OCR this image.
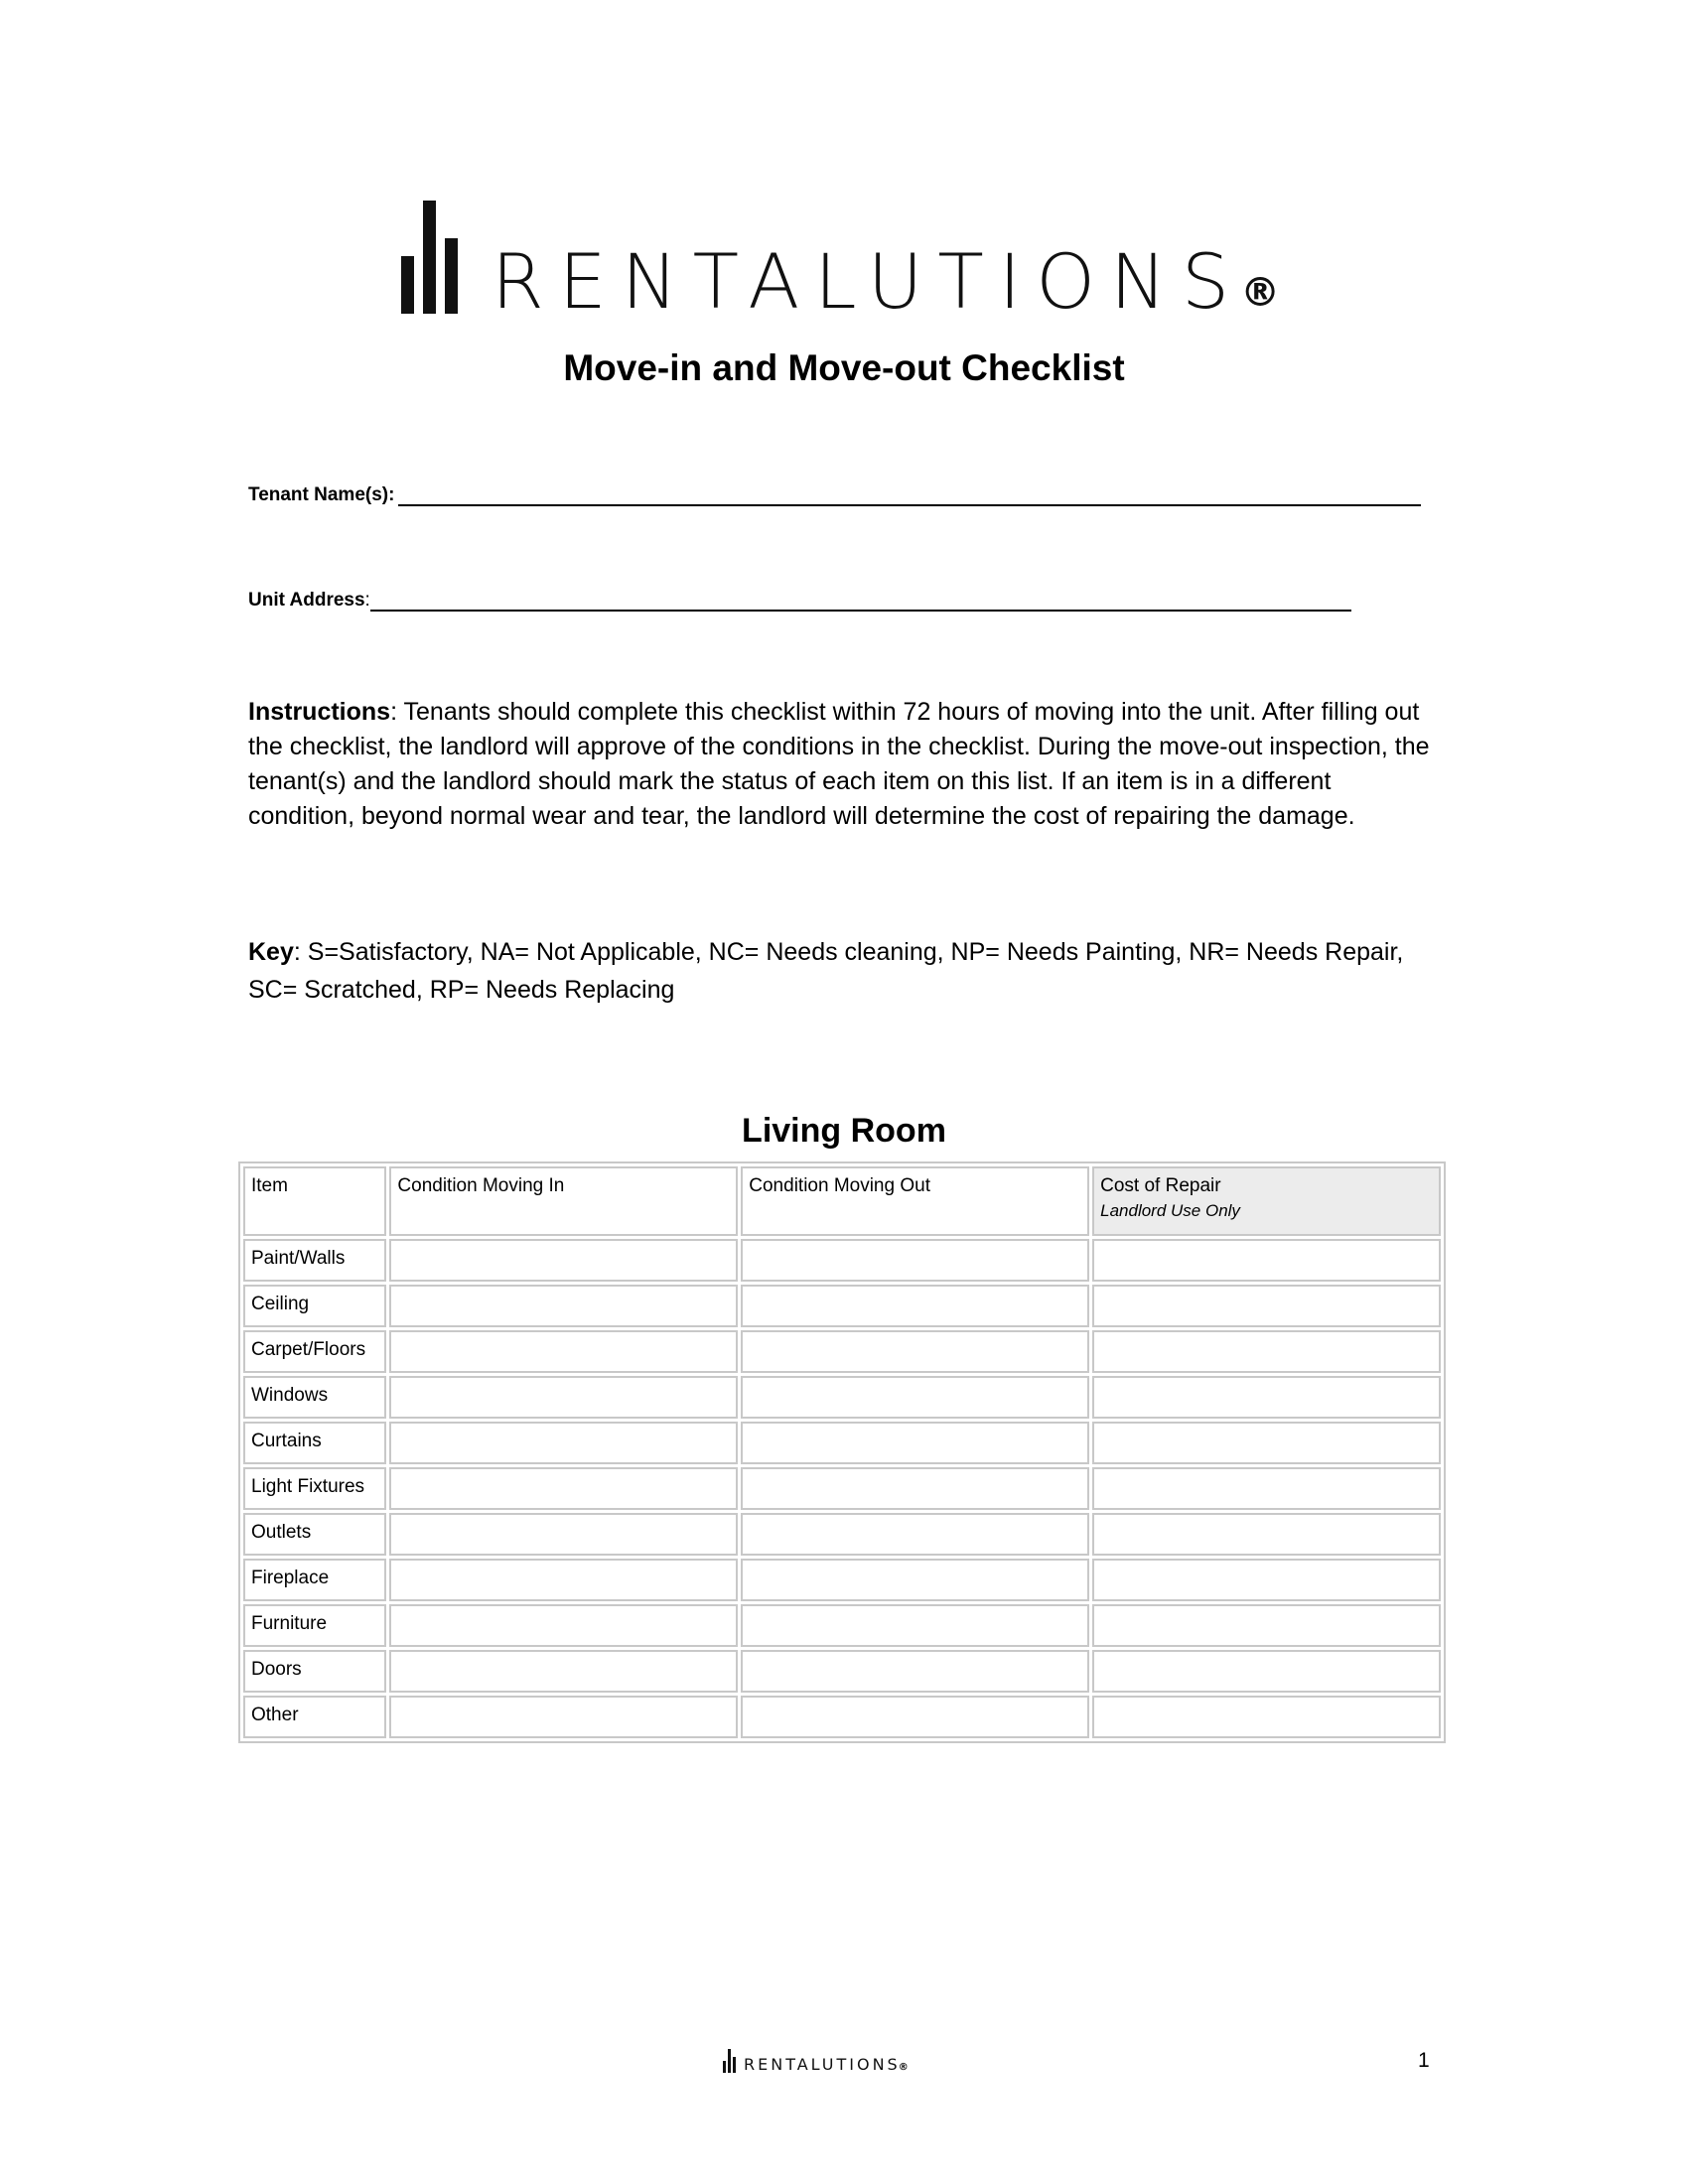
RENTALUTIONS
®
Move-in and Move-out Checklist
Tenant Name(s):
Unit Address :
Instructions: Tenants should complete this checklist within 72 hours of moving into the unit. After filling out the checklist, the landlord will approve of the conditions in the checklist. During the move-out inspection, the tenant(s) and the landlord should mark the status of each item on this list. If an item is in a different condition, beyond normal wear and tear, the landlord will determine the cost of repairing the damage.
Key: S=Satisfactory, NA= Not Applicable, NC= Needs cleaning, NP= Needs Painting, NR= Needs Repair, SC= Scratched, RP= Needs Replacing
Living Room
Item	Condition Moving In	Condition Moving Out	Cost of Repair
Landlord Use Only

Paint/Walls			
Ceiling			
Carpet/Floors			
Windows			
Curtains			
Light Fixtures			
Outlets			
Fireplace			
Furniture			
Doors			
Other			
RENTALUTIONS
®	1
